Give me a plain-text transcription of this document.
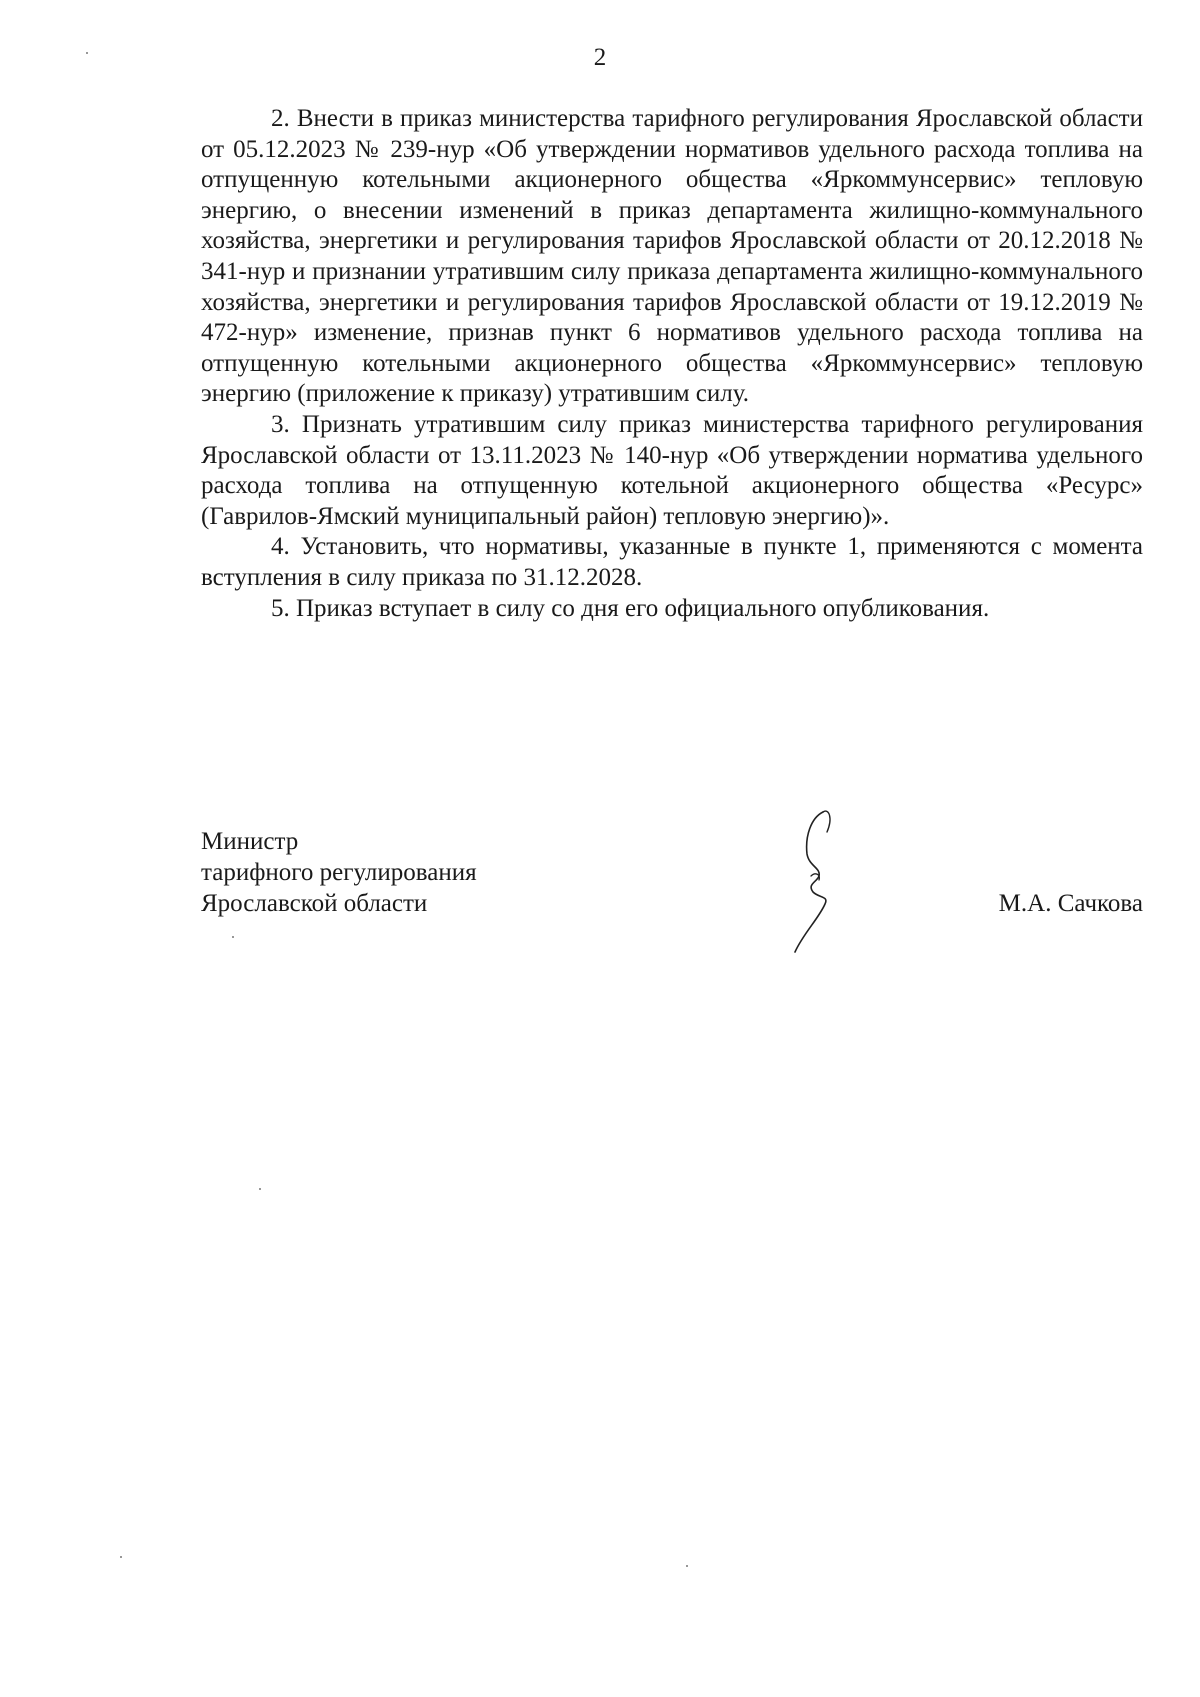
2

2. Внести в приказ министерства тарифного регулирования Ярославской области от 05.12.2023 № 239-нур «Об утверждении нормативов удельного расхода топлива на отпущенную котельными акционерного общества «Яркоммунсервис» тепловую энергию, о внесении изменений в приказ департамента жилищно-коммунального хозяйства, энергетики и регулирования тарифов Ярославской области от 20.12.2018 № 341-нур и признании утратившим силу приказа департамента жилищно-коммунального хозяйства, энергетики и регулирования тарифов Ярославской области от 19.12.2019 № 472-нур» изменение, признав пункт 6 нормативов удельного расхода топлива на отпущенную котельными акционерного общества «Яркоммунсервис» тепловую энергию (приложение к приказу) утратившим силу.

3. Признать утратившим силу приказ министерства тарифного регулирования Ярославской области от 13.11.2023 № 140-нур «Об утверждении норматива удельного расхода топлива на отпущенную котельной акционерного общества «Ресурс» (Гаврилов-Ямский муниципальный район) тепловую энергию)».

4. Установить, что нормативы, указанные в пункте 1, применяются с момента вступления в силу приказа по 31.12.2028.

5. Приказ вступает в силу со дня его официального опубликования.

Министр
тарифного регулирования
Ярославской области	М.А. Сачкова
